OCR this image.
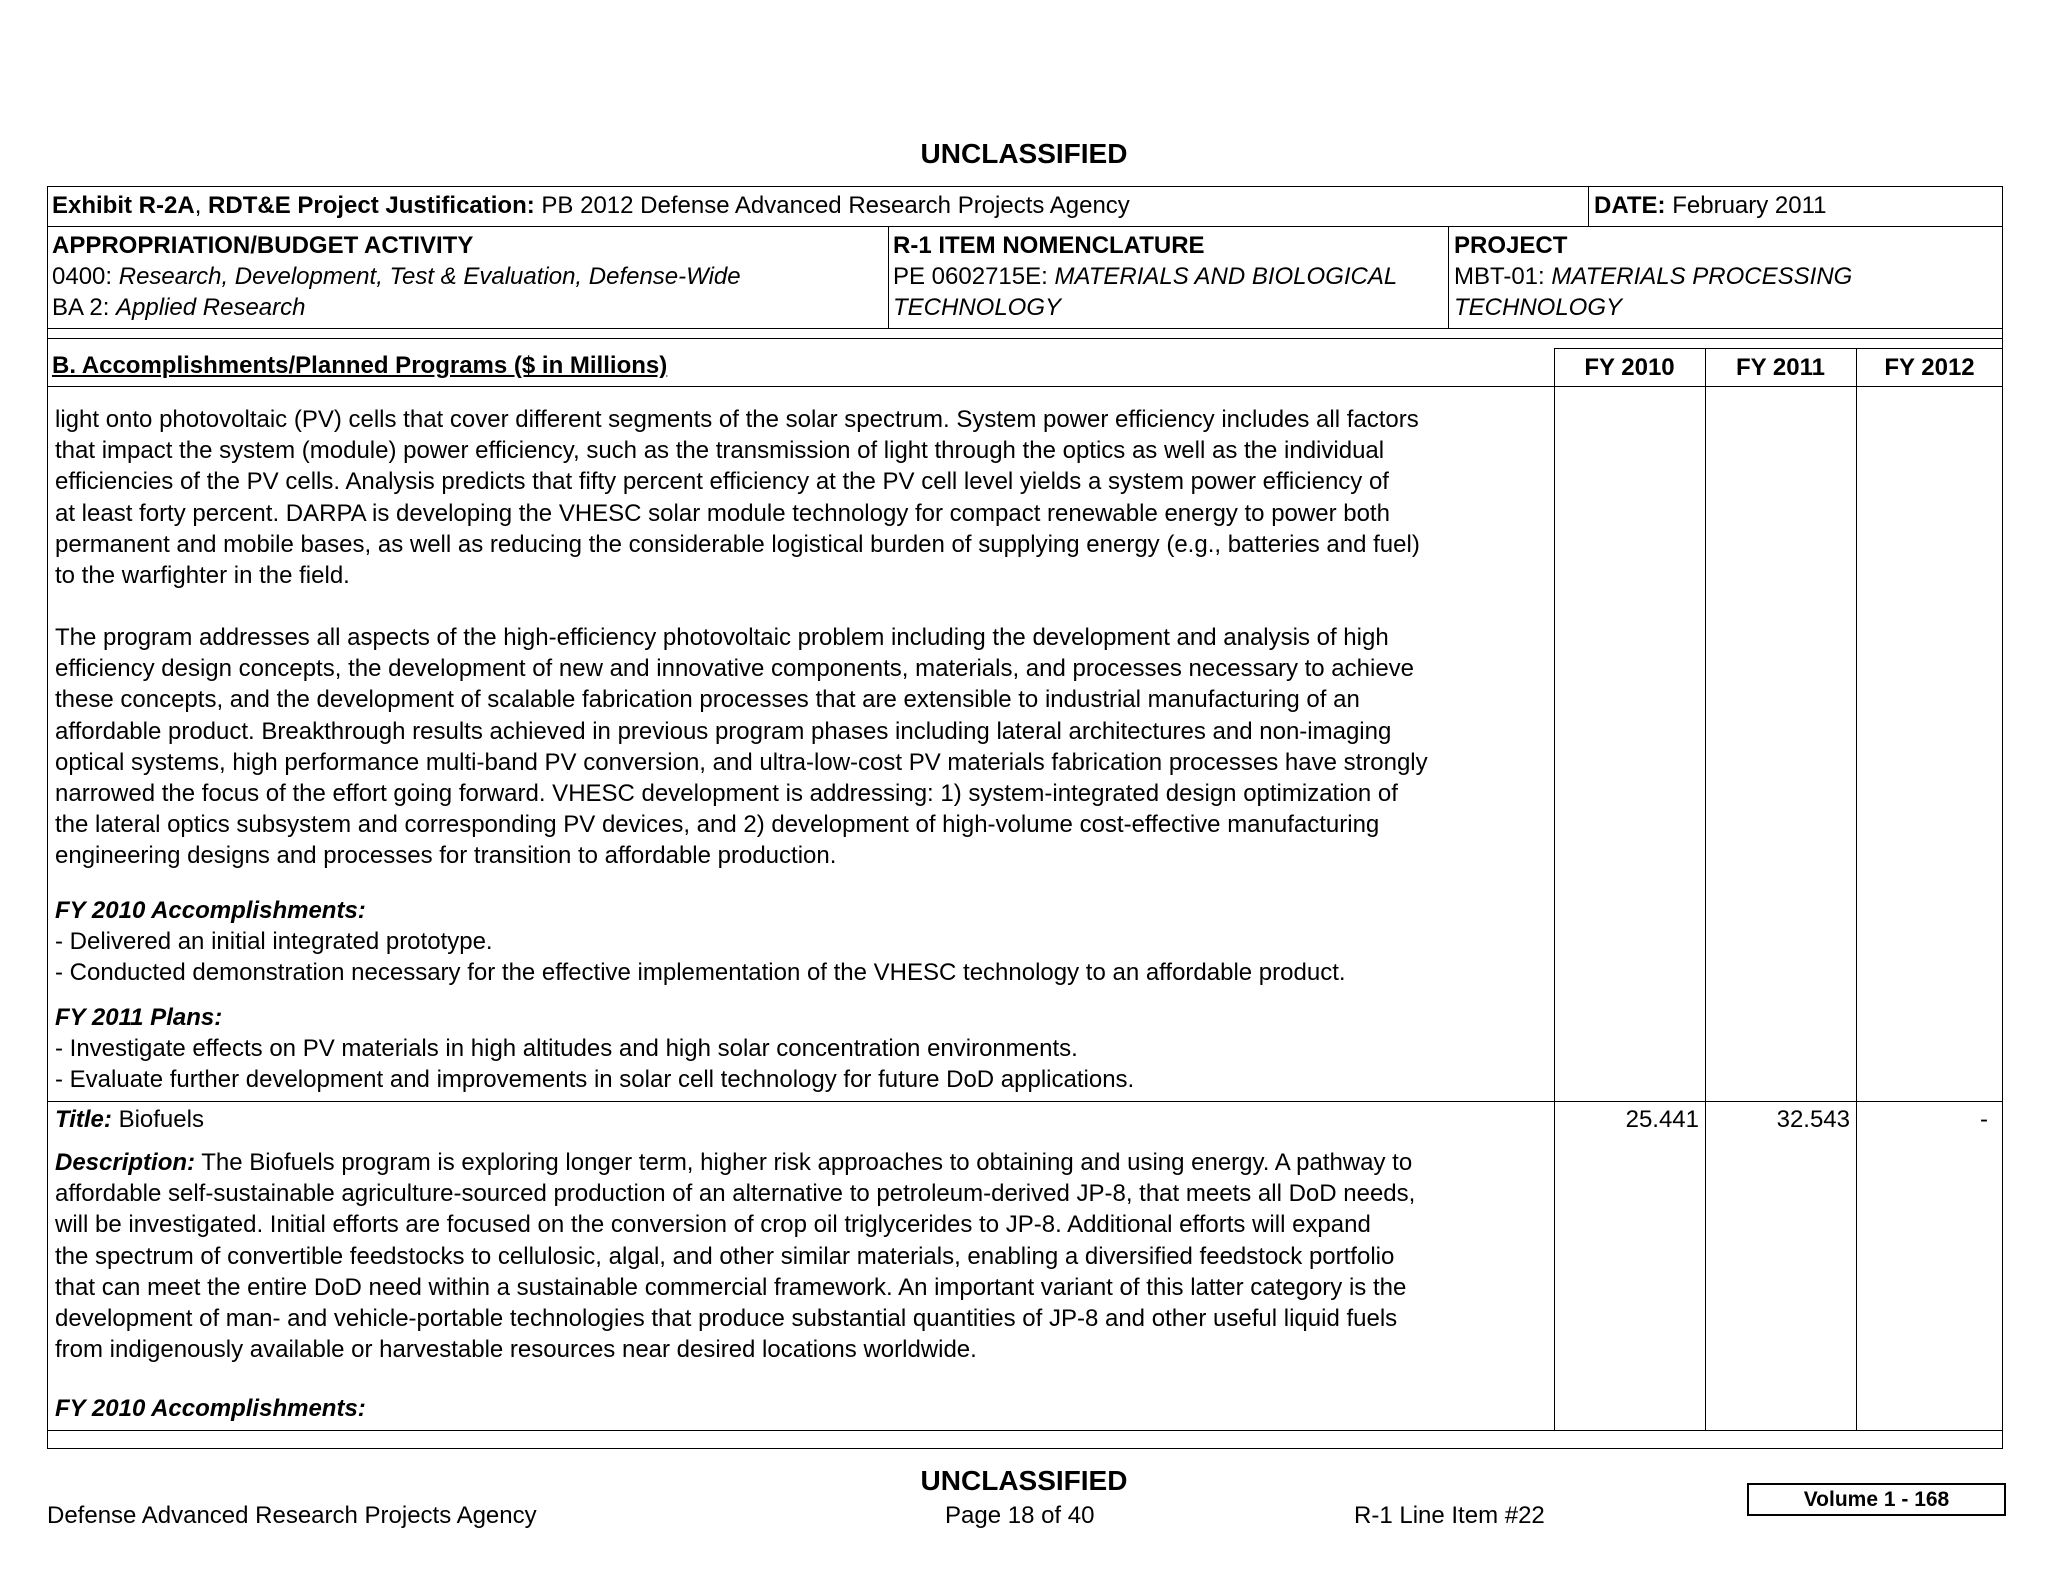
UNCLASSIFIED
Exhibit R-2A, RDT&E Project Justification: PB 2012 Defense Advanced Research Projects Agency	DATE: February 2011
APPROPRIATION/BUDGET ACTIVITY
0400: Research, Development, Test & Evaluation, Defense-Wide
BA 2: Applied Research
R-1 ITEM NOMENCLATURE
PE 0602715E: MATERIALS AND BIOLOGICAL
TECHNOLOGY
PROJECT
MBT-01: MATERIALS PROCESSING
TECHNOLOGY
B. Accomplishments/Planned Programs ($ in Millions)	FY 2010	FY 2011	FY 2012

light onto photovoltaic (PV) cells that cover different segments of the solar spectrum. System power efficiency includes all factors

that impact the system (module) power efficiency, such as the transmission of light through the optics as well as the individual

efficiencies of the PV cells. Analysis predicts that fifty percent efficiency at the PV cell level yields a system power efficiency of

at least forty percent. DARPA is developing the VHESC solar module technology for compact renewable energy to power both

permanent and mobile bases, as well as reducing the considerable logistical burden of supplying energy (e.g., batteries and fuel)

to the warfighter in the field.

The program addresses all aspects of the high-efficiency photovoltaic problem including the development and analysis of high

efficiency design concepts, the development of new and innovative components, materials, and processes necessary to achieve

these concepts, and the development of scalable fabrication processes that are extensible to industrial manufacturing of an

affordable product. Breakthrough results achieved in previous program phases including lateral architectures and non-imaging

optical systems, high performance multi-band PV conversion, and ultra-low-cost PV materials fabrication processes have strongly

narrowed the focus of the effort going forward. VHESC development is addressing: 1) system-integrated design optimization of

the lateral optics subsystem and corresponding PV devices, and 2) development of high-volume cost-effective manufacturing

engineering designs and processes for transition to affordable production.

FY 2010 Accomplishments:

- Delivered an initial integrated prototype.

- Conducted demonstration necessary for the effective implementation of the VHESC technology to an affordable product.

FY 2011 Plans:

- Investigate effects on PV materials in high altitudes and high solar concentration environments.

- Evaluate further development and improvements in solar cell technology for future DoD applications.

Title: Biofuels	25.441	32.543	-

Description: The Biofuels program is exploring longer term, higher risk approaches to obtaining and using energy. A pathway to

affordable self-sustainable agriculture-sourced production of an alternative to petroleum-derived JP-8, that meets all DoD needs,

will be investigated. Initial efforts are focused on the conversion of crop oil triglycerides to JP-8. Additional efforts will expand

the spectrum of convertible feedstocks to cellulosic, algal, and other similar materials, enabling a diversified feedstock portfolio

that can meet the entire DoD need within a sustainable commercial framework. An important variant of this latter category is the

development of man- and vehicle-portable technologies that produce substantial quantities of JP-8 and other useful liquid fuels

from indigenously available or harvestable resources near desired locations worldwide.

FY 2010 Accomplishments:

UNCLASSIFIED
Defense Advanced Research Projects Agency	Page 18 of 40	R-1 Line Item #22
Volume 1 - 168
